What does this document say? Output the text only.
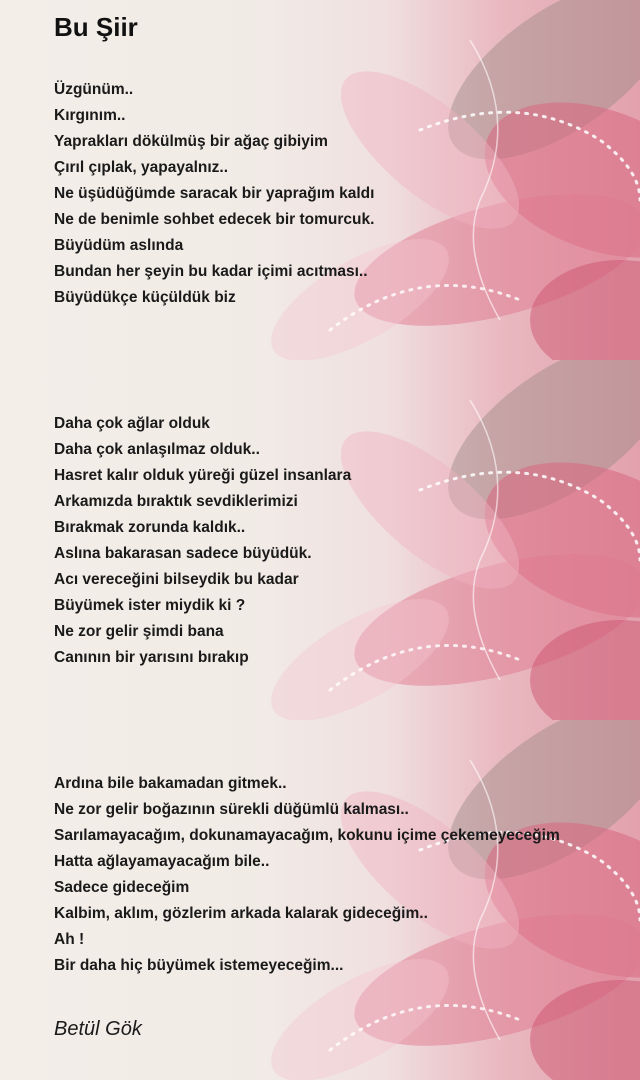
Bu Şiir
Üzgünüm..
Kırgınım..
Yaprakları dökülmüş bir ağaç gibiyim
Çırıl çıplak, yapayalnız..
Ne üşüdüğümde saracak bir yaprağım kaldı
Ne de benimle sohbet edecek bir tomurcuk.
Büyüdüm aslında
Bundan her şeyin bu kadar içimi acıtması..
Büyüdükçe küçüldük biz
Daha çok ağlar olduk
Daha çok anlaşılmaz olduk..
Hasret kalır olduk yüreği güzel insanlara
Arkamızda bıraktık sevdiklerimizi
Bırakmak zorunda kaldık..
Aslına bakarasan sadece büyüdük.
Acı vereceğini bilseydik bu kadar
Büyümek ister miydik ki ?
Ne zor gelir şimdi bana
Canının bir yarısını bırakıp
Ardına bile bakamadan gitmek..
Ne zor gelir boğazının sürekli düğümlü kalması..
Sarılamayacağım, dokunamayacağım, kokunu içime çekemeyeceğim
Hatta ağlayamayacağım bile..
Sadece gideceğim
Kalbim, aklım, gözlerim arkada kalarak gideceğim..
Ah !
Bir daha hiç büyümek istemeyeceğim...
Betül Gök
